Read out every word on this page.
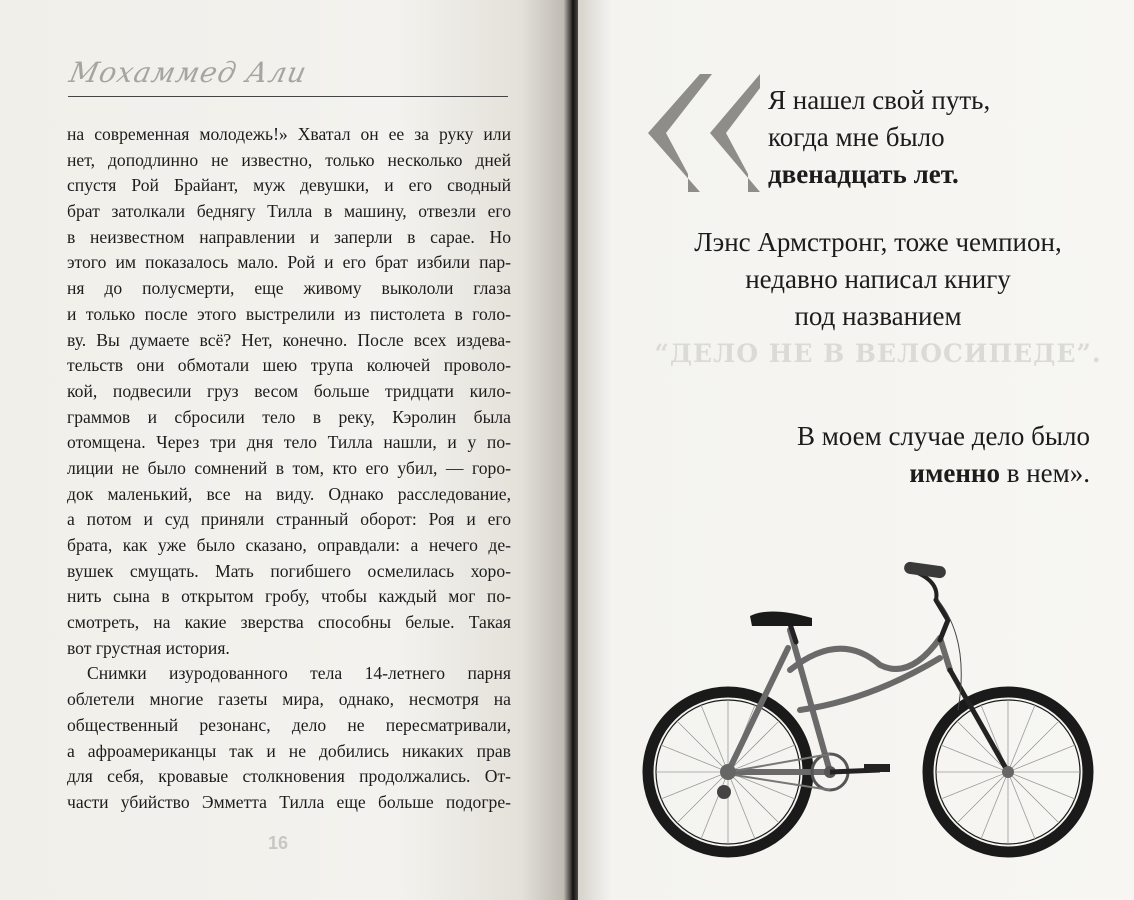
Мохаммед Али
на современная молодежь!» Хватал он ее за руку или
нет, доподлинно не известно, только несколько дней
спустя Рой Брайант, муж девушки, и его сводный
брат затолкали беднягу Тилла в машину, отвезли его
в неизвестном направлении и заперли в сарае. Но
этого им показалось мало. Рой и его брат избили пар-
ня до полусмерти, еще живому выкололи глаза
и только после этого выстрелили из пистолета в голо-
ву. Вы думаете всё? Нет, конечно. После всех издева-
тельств они обмотали шею трупа колючей проволо-
кой, подвесили груз весом больше тридцати кило-
граммов и сбросили тело в реку, Кэролин была
отомщена. Через три дня тело Тилла нашли, и у по-
лиции не было сомнений в том, кто его убил, — горо-
док маленький, все на виду. Однако расследование,
а потом и суд приняли странный оборот: Роя и его
брата, как уже было сказано, оправдали: а нечего де-
вушек смущать. Мать погибшего осмелилась хоро-
нить сына в открытом гробу, чтобы каждый мог по-
смотреть, на какие зверства способны белые. Такая
вот грустная история.
Снимки изуродованного тела 14-летнего парня
облетели многие газеты мира, однако, несмотря на
общественный резонанс, дело не пересматривали,
а афроамериканцы так и не добились никаких прав
для себя, кровавые столкновения продолжались. От-
части убийство Эмметта Тилла еще больше подогре-
16
Я нашел свой путь,
когда мне было
двенадцать лет.
Лэнс Армстронг, тоже чемпион,
недавно написал книгу
под названием
“ДЕЛО НЕ В ВЕЛОСИПЕДЕ”.
В моем случае дело было
именно в нем».
